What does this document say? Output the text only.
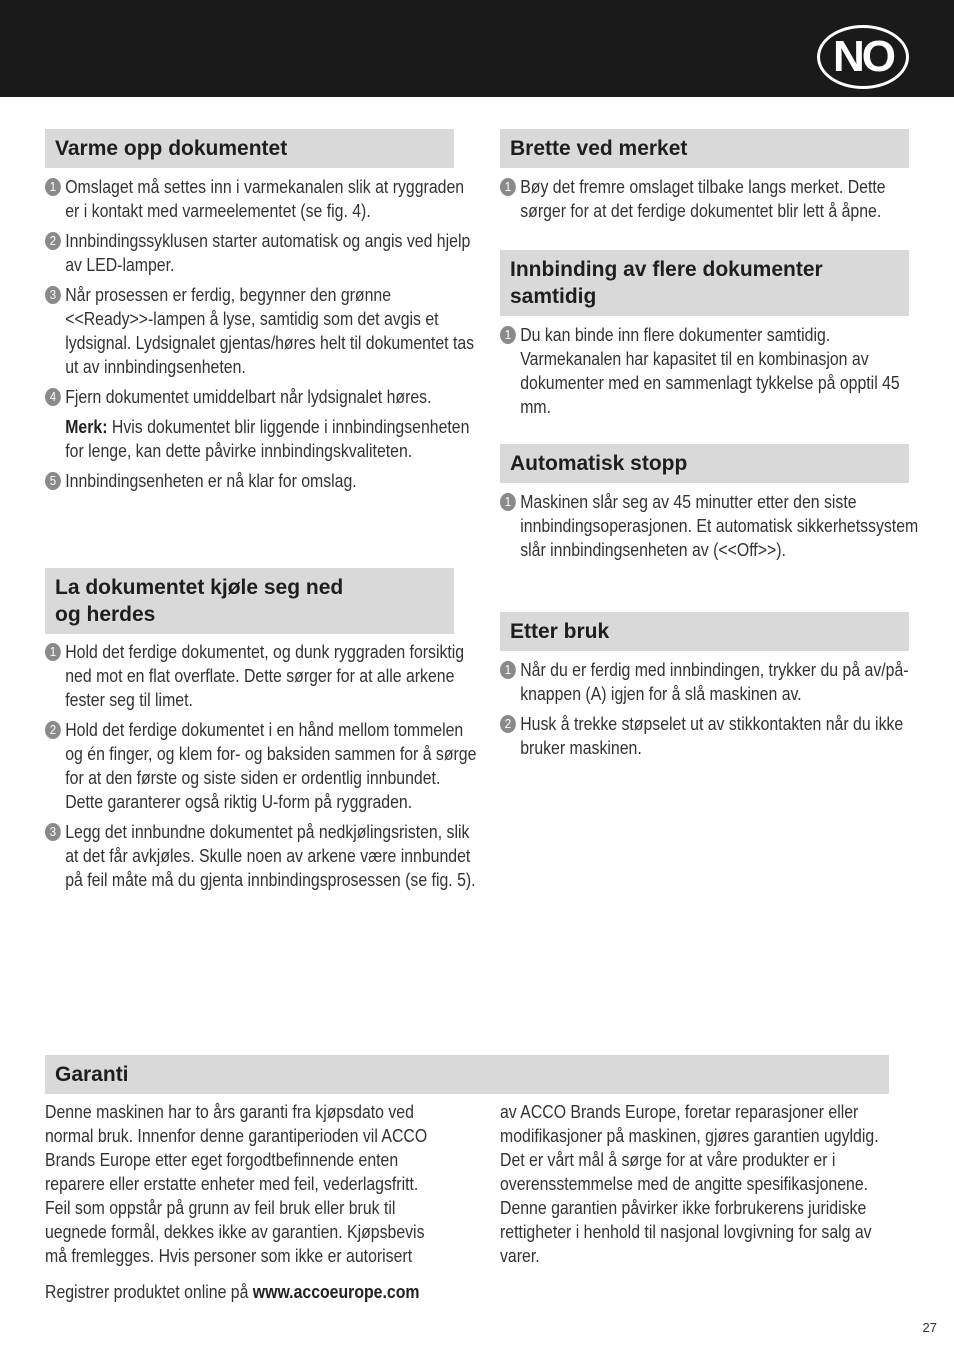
NO
Varme opp dokumentet
1 Omslaget må settes inn i varmekanalen slik at ryggraden er i kontakt med varmeelementet (se fig. 4).
2 Innbindingssyklusen starter automatisk og angis ved hjelp av LED-lamper.
3 Når prosessen er ferdig, begynner den grønne <<Ready>>-lampen å lyse, samtidig som det avgis et lydsignal. Lydsignalet gjentas/høres helt til dokumentet tas ut av innbindingsenheten.
4 Fjern dokumentet umiddelbart når lydsignalet høres.
Merk: Hvis dokumentet blir liggende i innbindingsenheten for lenge, kan dette påvirke innbindingskvaliteten.
5 Innbindingsenheten er nå klar for omslag.
La dokumentet kjøle seg ned
og herdes
1 Hold det ferdige dokumentet, og dunk ryggraden forsiktig ned mot en flat overflate. Dette sørger for at alle arkene fester seg til limet.
2 Hold det ferdige dokumentet i en hånd mellom tommelen og én finger, og klem for- og baksiden sammen for å sørge for at den første og siste siden er ordentlig innbundet. Dette garanterer også riktig U-form på ryggraden.
3 Legg det innbundne dokumentet på nedkjølingsristen, slik at det får avkjøles. Skulle noen av arkene være innbundet på feil måte må du gjenta innbindingsprosessen (se fig. 5).
Brette ved merket
1 Bøy det fremre omslaget tilbake langs merket. Dette sørger for at det ferdige dokumentet blir lett å åpne.
Innbinding av flere dokumenter
samtidig
1 Du kan binde inn flere dokumenter samtidig. Varmekanalen har kapasitet til en kombinasjon av dokumenter med en sammenlagt tykkelse på opptil 45 mm.
Automatisk stopp
1 Maskinen slår seg av 45 minutter etter den siste innbindingsoperasjonen. Et automatisk sikkerhetssystem slår innbindingsenheten av (<<Off>>).
Etter bruk
1 Når du er ferdig med innbindingen, trykker du på av/på-knappen (A) igjen for å slå maskinen av.
2 Husk å trekke støpselet ut av stikkontakten når du ikke bruker maskinen.
Garanti
Denne maskinen har to års garanti fra kjøpsdato ved normal bruk. Innenfor denne garantiperioden vil ACCO Brands Europe etter eget forgodtbefinnende enten reparere eller erstatte enheter med feil, vederlagsfritt. Feil som oppstår på grunn av feil bruk eller bruk til uegnede formål, dekkes ikke av garantien. Kjøpsbevis må fremlegges. Hvis personer som ikke er autorisert
Registrer produktet online på www.accoeurope.com
av ACCO Brands Europe, foretar reparasjoner eller modifikasjoner på maskinen, gjøres garantien ugyldig. Det er vårt mål å sørge for at våre produkter er i overensstemmelse med de angitte spesifikasjonene. Denne garantien påvirker ikke forbrukerens juridiske rettigheter i henhold til nasjonal lovgivning for salg av varer.
27
